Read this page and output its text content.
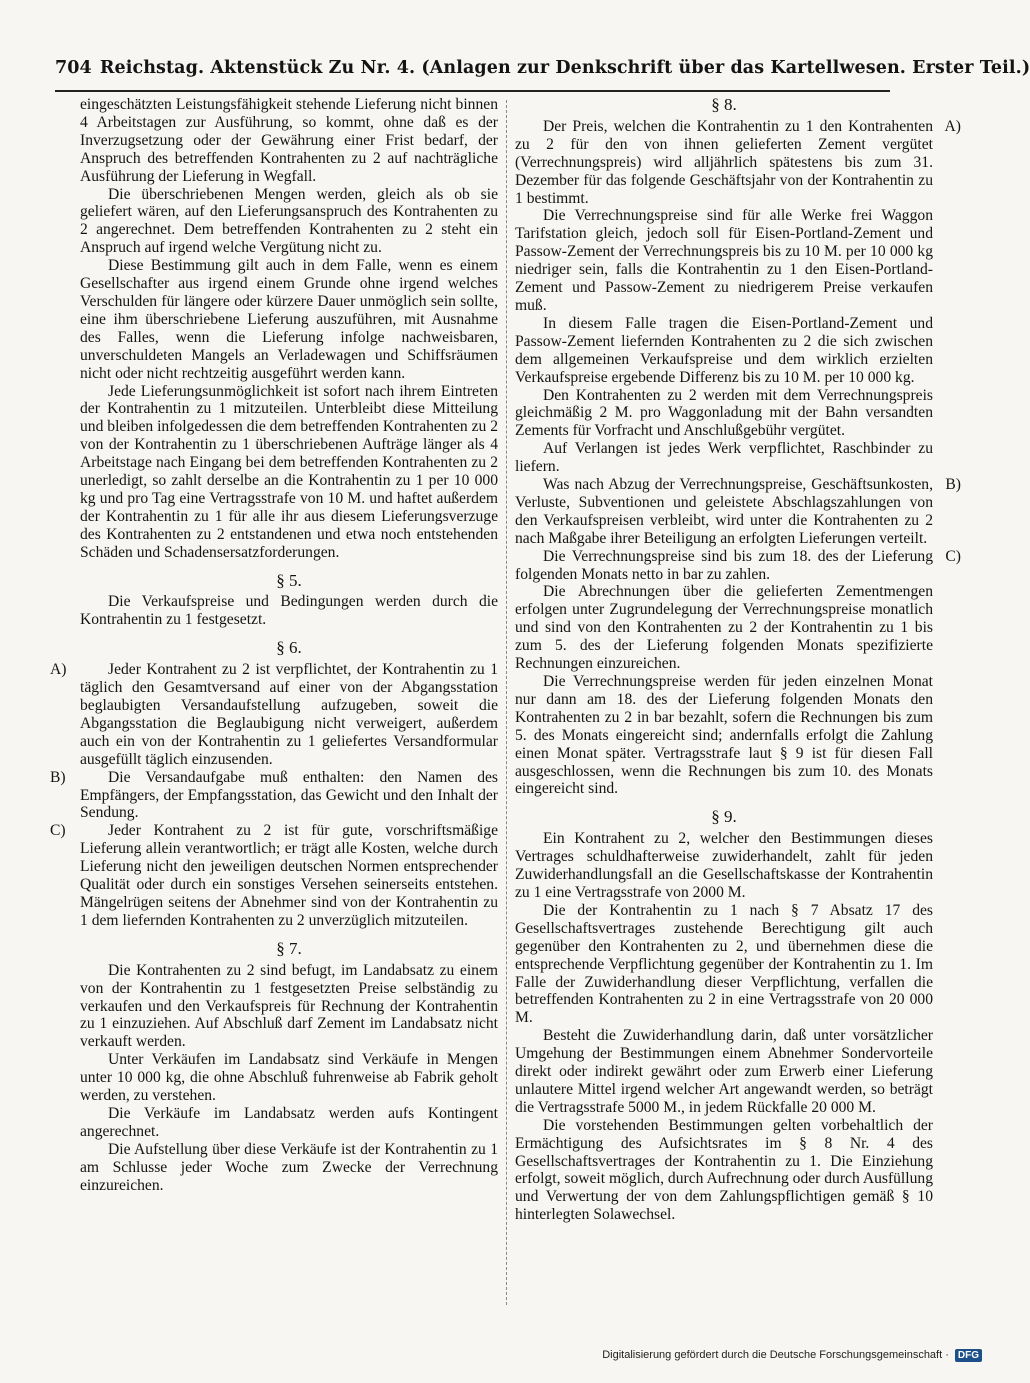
704 Reichstag. Aktenstück Zu Nr. 4. (Anlagen zur Denkschrift über das Kartellwesen. Erster Teil.)

eingeschätzten Leistungsfähigkeit stehende Lieferung nicht binnen 4 Arbeitstagen zur Ausführung, so kommt, ohne daß es der Inverzugsetzung oder der Gewährung einer Frist bedarf, der Anspruch des betreffenden Kontrahenten zu 2 auf nachträgliche Ausführung der Lieferung in Wegfall.

Die überschriebenen Mengen werden, gleich als ob sie geliefert wären, auf den Lieferungsanspruch des Kontrahenten zu 2 angerechnet. Dem betreffenden Kontrahenten zu 2 steht ein Anspruch auf irgend welche Vergütung nicht zu.

Diese Bestimmung gilt auch in dem Falle, wenn es einem Gesellschafter aus irgend einem Grunde ohne irgend welches Verschulden für längere oder kürzere Dauer unmöglich sein sollte, eine ihm überschriebene Lieferung auszuführen, mit Ausnahme des Falles, wenn die Lieferung infolge nachweisbaren, unverschuldeten Mangels an Verladewagen und Schiffsräumen nicht oder nicht rechtzeitig ausgeführt werden kann.

Jede Lieferungsunmöglichkeit ist sofort nach ihrem Eintreten der Kontrahentin zu 1 mitzuteilen. Unterbleibt diese Mitteilung und bleiben infolgedessen die dem betreffenden Kontrahenten zu 2 von der Kontrahentin zu 1 überschriebenen Aufträge länger als 4 Arbeitstage nach Eingang bei dem betreffenden Kontrahenten zu 2 unerledigt, so zahlt derselbe an die Kontrahentin zu 1 per 10 000 kg und pro Tag eine Vertragsstrafe von 10 M. und haftet außerdem der Kontrahentin zu 1 für alle ihr aus diesem Lieferungsverzuge des Kontrahenten zu 2 entstandenen und etwa noch entstehenden Schäden und Schadensersatzforderungen.

§ 5.

Die Verkaufspreise und Bedingungen werden durch die Kontrahentin zu 1 festgesetzt.

§ 6.
A)	Jeder Kontrahent zu 2 ist verpflichtet, der Kontrahentin zu 1 täglich den Gesamtversand auf einer von der Abgangsstation beglaubigten Versandaufstellung aufzugeben, soweit die Abgangsstation die Beglaubigung nicht verweigert, außerdem auch ein von der Kontrahentin zu 1 geliefertes Versandformular ausgefüllt täglich einzusenden.

B)	Die Versandaufgabe muß enthalten: den Namen des Empfängers, der Empfangsstation, das Gewicht und den Inhalt der Sendung.

C)	Jeder Kontrahent zu 2 ist für gute, vorschriftsmäßige Lieferung allein verantwortlich; er trägt alle Kosten, welche durch Lieferung nicht den jeweiligen deutschen Normen entsprechender Qualität oder durch ein sonstiges Versehen seinerseits entstehen. Mängelrügen seitens der Abnehmer sind von der Kontrahentin zu 1 dem liefernden Kontrahenten zu 2 unverzüglich mitzuteilen.

§ 7.

Die Kontrahenten zu 2 sind befugt, im Landabsatz zu einem von der Kontrahentin zu 1 festgesetzten Preise selbständig zu verkaufen und den Verkaufspreis für Rechnung der Kontrahentin zu 1 einzuziehen. Auf Abschluß darf Zement im Landabsatz nicht verkauft werden.

Unter Verkäufen im Landabsatz sind Verkäufe in Mengen unter 10 000 kg, die ohne Abschluß fuhrenweise ab Fabrik geholt werden, zu verstehen.

Die Verkäufe im Landabsatz werden aufs Kontingent angerechnet.

Die Aufstellung über diese Verkäufe ist der Kontrahentin zu 1 am Schlusse jeder Woche zum Zwecke der Verrechnung einzureichen.

§ 8.
A)

Der Preis, welchen die Kontrahentin zu 1 den Kontrahenten zu 2 für den von ihnen gelieferten Zement vergütet (Verrechnungspreis) wird alljährlich spätestens bis zum 31. Dezember für das folgende Geschäftsjahr von der Kontrahentin zu 1 bestimmt.

Die Verrechnungspreise sind für alle Werke frei Waggon Tarifstation gleich, jedoch soll für Eisen-Portland-Zement und Passow-Zement der Verrechnungspreis bis zu 10 M. per 10 000 kg niedriger sein, falls die Kontrahentin zu 1 den Eisen-Portland-Zement und Passow-Zement zu niedrigerem Preise verkaufen muß.

In diesem Falle tragen die Eisen-Portland-Zement und Passow-Zement liefernden Kontrahenten zu 2 die sich zwischen dem allgemeinen Verkaufspreise und dem wirklich erzielten Verkaufspreise ergebende Differenz bis zu 10 M. per 10 000 kg.

Den Kontrahenten zu 2 werden mit dem Verrechnungspreis gleichmäßig 2 M. pro Waggonladung mit der Bahn versandten Zements für Vorfracht und Anschlußgebühr vergütet.

Auf Verlangen ist jedes Werk verpflichtet, Raschbinder zu liefern.

B)

Was nach Abzug der Verrechnungspreise, Geschäftsunkosten, Verluste, Subventionen und geleistete Abschlagszahlungen von den Verkaufspreisen verbleibt, wird unter die Kontrahenten zu 2 nach Maßgabe ihrer Beteiligung an erfolgten Lieferungen verteilt.

C)

Die Verrechnungspreise sind bis zum 18. des der Lieferung folgenden Monats netto in bar zu zahlen.

Die Abrechnungen über die gelieferten Zementmengen erfolgen unter Zugrundelegung der Verrechnungspreise monatlich und sind von den Kontrahenten zu 2 der Kontrahentin zu 1 bis zum 5. des der Lieferung folgenden Monats spezifizierte Rechnungen einzureichen.

Die Verrechnungspreise werden für jeden einzelnen Monat nur dann am 18. des der Lieferung folgenden Monats den Kontrahenten zu 2 in bar bezahlt, sofern die Rechnungen bis zum 5. des Monats eingereicht sind; andernfalls erfolgt die Zahlung einen Monat später. Vertragsstrafe laut § 9 ist für diesen Fall ausgeschlossen, wenn die Rechnungen bis zum 10. des Monats eingereicht sind.

§ 9.

Ein Kontrahent zu 2, welcher den Bestimmungen dieses Vertrages schuldhafterweise zuwiderhandelt, zahlt für jeden Zuwiderhandlungsfall an die Gesellschaftskasse der Kontrahentin zu 1 eine Vertragsstrafe von 2000 M.

Die der Kontrahentin zu 1 nach § 7 Absatz 17 des Gesellschaftsvertrages zustehende Berechtigung gilt auch gegenüber den Kontrahenten zu 2, und übernehmen diese die entsprechende Verpflichtung gegenüber der Kontrahentin zu 1. Im Falle der Zuwiderhandlung dieser Verpflichtung, verfallen die betreffenden Kontrahenten zu 2 in eine Vertragsstrafe von 20 000 M.

Besteht die Zuwiderhandlung darin, daß unter vorsätzlicher Umgehung der Bestimmungen einem Abnehmer Sondervorteile direkt oder indirekt gewährt oder zum Erwerb einer Lieferung unlautere Mittel irgend welcher Art angewandt werden, so beträgt die Vertragsstrafe 5000 M., in jedem Rückfalle 20 000 M.

Die vorstehenden Bestimmungen gelten vorbehaltlich der Ermächtigung des Aufsichtsrates im § 8 Nr. 4 des Gesellschaftsvertrages der Kontrahentin zu 1. Die Einziehung erfolgt, soweit möglich, durch Aufrechnung oder durch Ausfüllung und Verwertung der von dem Zahlungspflichtigen gemäß § 10 hinterlegten Solawechsel.

Digitalisierung gefördert durch die Deutsche Forschungsgemeinschaft · DFG
